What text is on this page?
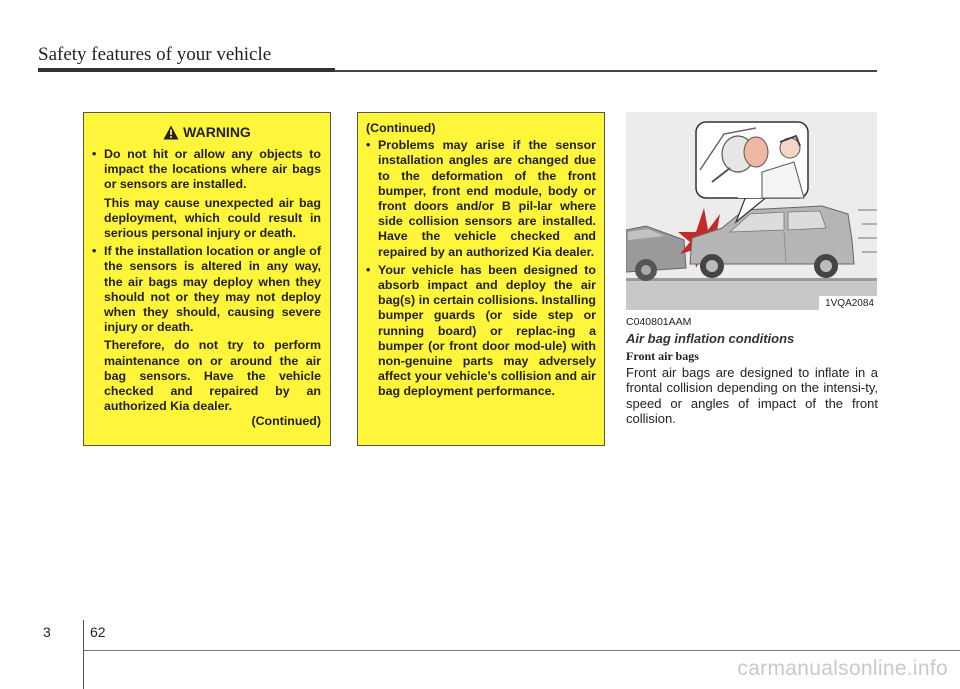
Safety features of your vehicle
WARNING
• Do not hit or allow any objects to impact the locations where air bags or sensors are installed.

This may cause unexpected air bag deployment, which could result in serious personal injury or death.

• If the installation location or angle of the sensors is altered in any way, the air bags may deploy when they should not or they may not deploy when they should, causing severe injury or death.

Therefore, do not try to perform maintenance on or around the air bag sensors. Have the vehicle checked and repaired by an authorized Kia dealer.

(Continued)
(Continued)
• Problems may arise if the sensor installation angles are changed due to the deformation of the front bumper, front end module, body or front doors and/or B pil-lar where side collision sensors are installed. Have the vehicle checked and repaired by an authorized Kia dealer.
• Your vehicle has been designed to absorb impact and deploy the air bag(s) in certain collisions. Installing bumper guards (or side step or running board) or replac-ing a bumper (or front door mod-ule) with non-genuine parts may adversely affect your vehicle’s collision and air bag deployment performance.
1VQA2084
C040801AAM
Air bag inflation conditions
Front air bags
Front air bags are designed to inflate in a frontal collision depending on the intensi-ty, speed or angles of impact of the front collision.
3	62
carmanualsonline.info
